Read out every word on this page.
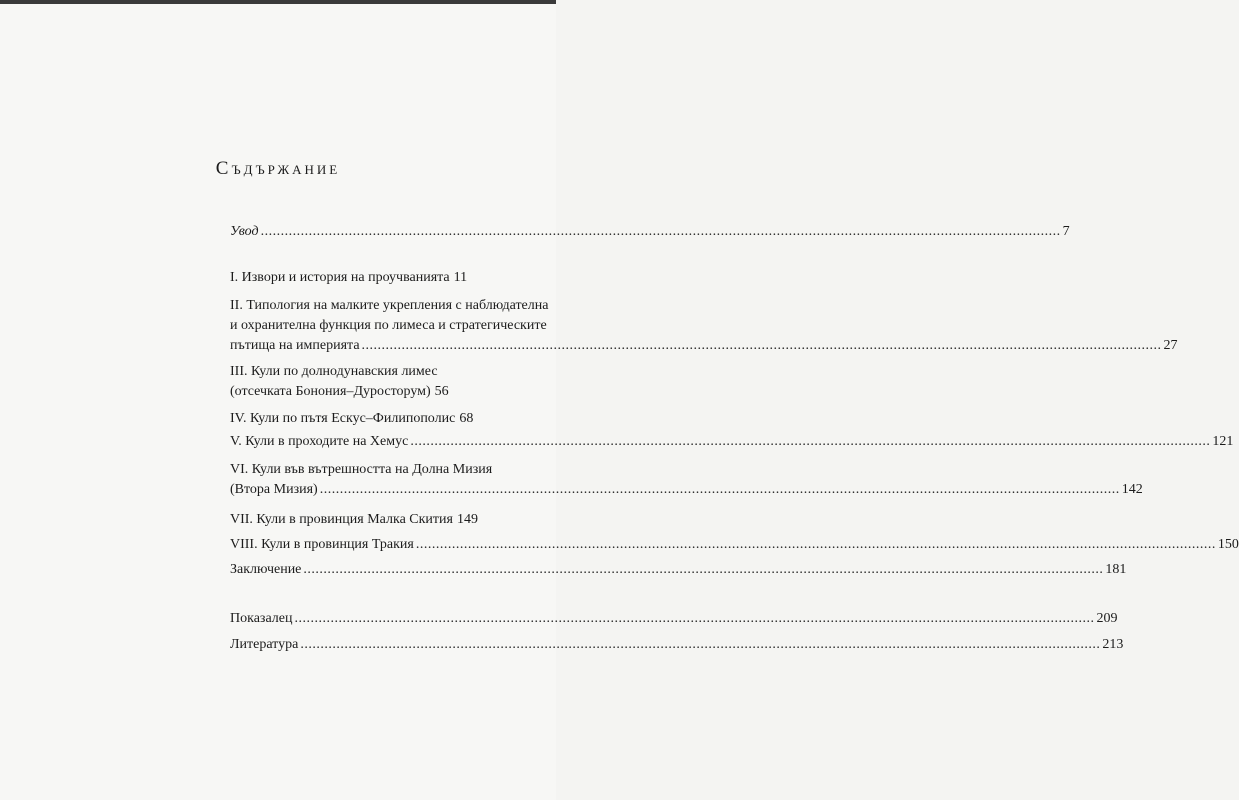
Съдържание
Увод ........................................................................................................................................................................................................ 7
I. Извори и история на проучванията 11
II. Типология на малките укрепления с наблюдателна
и охранителна функция по лимеса и стратегическите
пътища на империята ........................................................................................................................................................................................................ 27
III. Кули по долнодунавския лимес
(отсечката Бонония–Дуросторум) 56
IV. Кули по пътя Ескус–Филипополис 68
V. Кули в проходите на Хемус ........................................................................................................................................................................................................ 121
VI. Кули във вътрешността на Долна Мизия
(Втора Мизия) ........................................................................................................................................................................................................ 142
VII. Кули в провинция Малка Скития 149
VIII. Кули в провинция Тракия ........................................................................................................................................................................................................ 150
Заключение ........................................................................................................................................................................................................ 181
Показалец ........................................................................................................................................................................................................ 209
Литература ........................................................................................................................................................................................................ 213
